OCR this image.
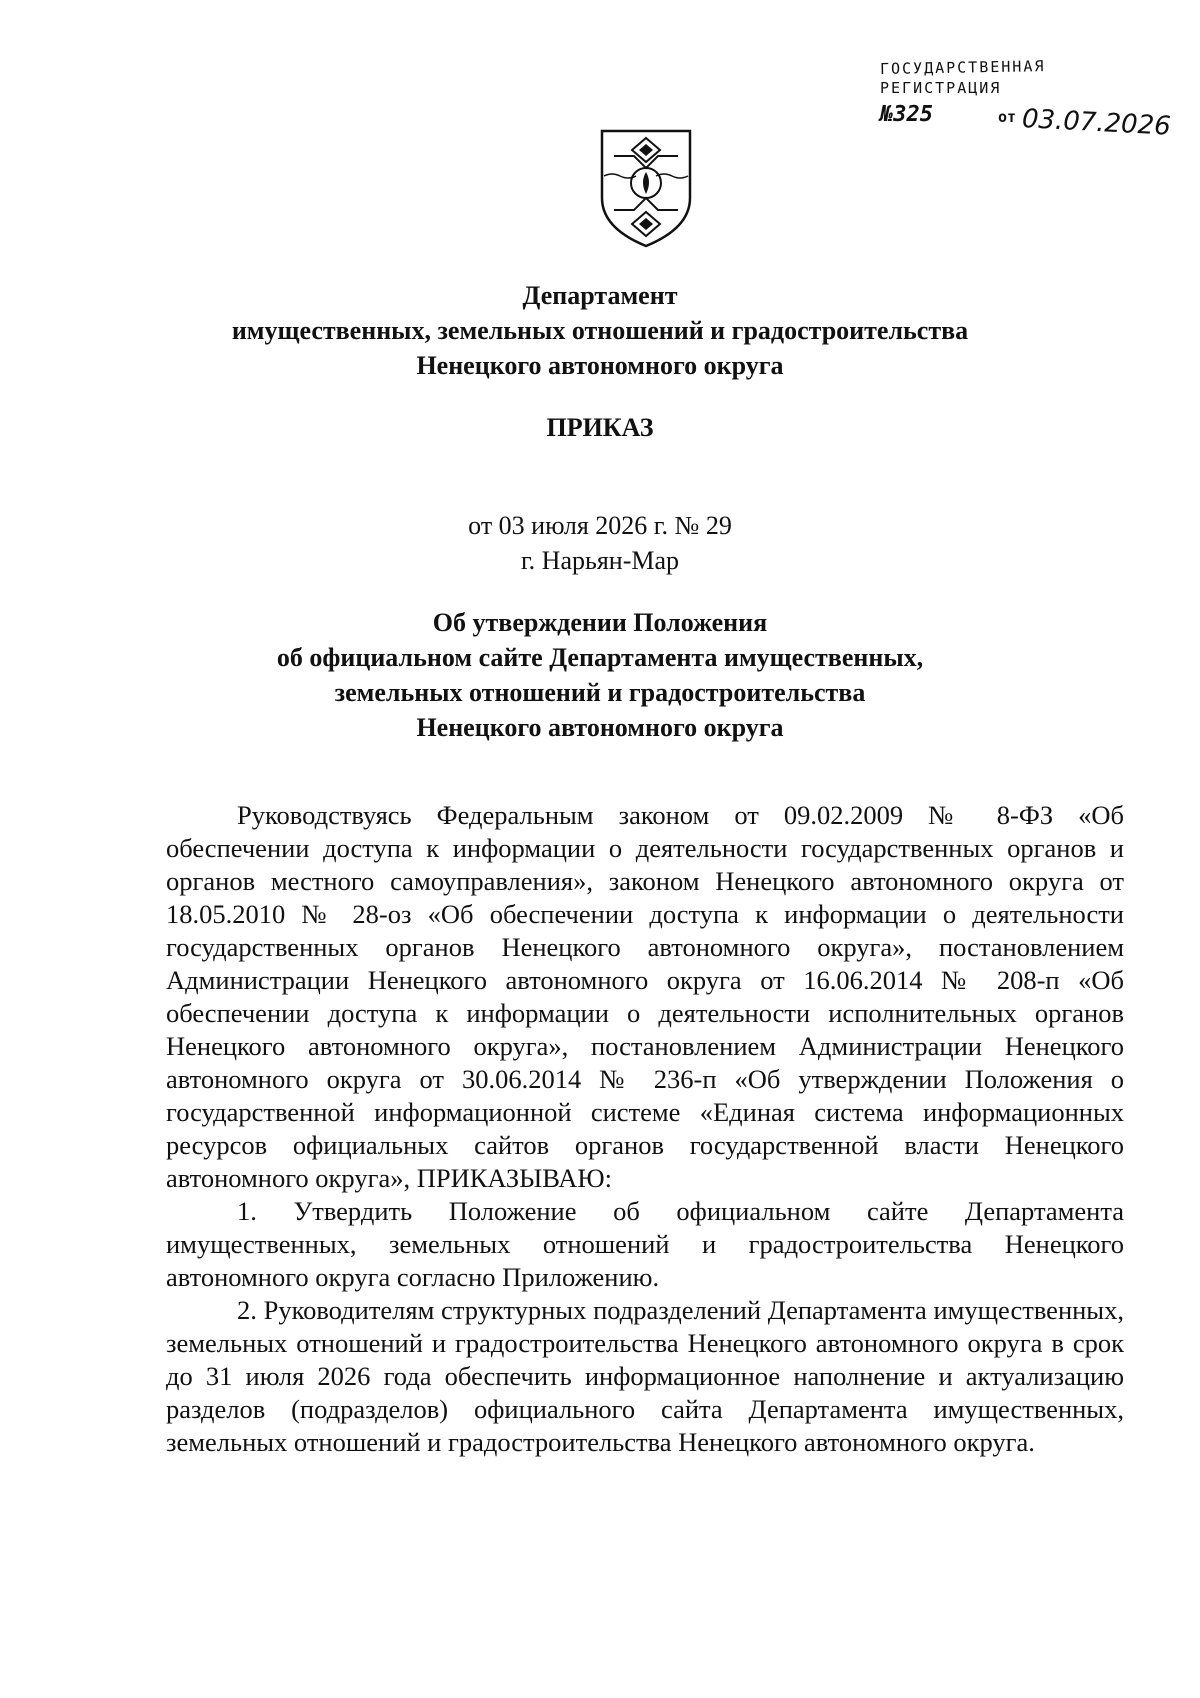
ГОСУДАРСТВЕННАЯ
РЕГИСТРАЦИЯ
№325	от 03.07.2026
Департамент
имущественных, земельных отношений и градостроительства
Ненецкого автономного округа
ПРИКАЗ
от 03 июля 2026 г. № 29
г. Нарьян-Мар
Об утверждении Положения
об официальном сайте Департамента имущественных,
земельных отношений и градостроительства
Ненецкого автономного округа

Руководствуясь Федеральным законом от 09.02.2009 № 8-ФЗ «Об обеспечении доступа к информации о деятельности государственных органов и органов местного самоуправления», законом Ненецкого автономного округа от 18.05.2010 № 28-оз «Об обеспечении доступа к информации о деятельности государственных органов Ненецкого автономного округа», постановлением Администрации Ненецкого автономного округа от 16.06.2014 № 208-п «Об обеспечении доступа к информации о деятельности исполнительных органов Ненецкого автономного округа», постановлением Администрации Ненецкого автономного округа от 30.06.2014 № 236-п «Об утверждении Положения о государственной информационной системе «Единая система информационных ресурсов официальных сайтов органов государственной власти Ненецкого автономного округа», ПРИКАЗЫВАЮ:

1. Утвердить Положение об официальном сайте Департамента имущественных, земельных отношений и градостроительства Ненецкого автономного округа согласно Приложению.

2. Руководителям структурных подразделений Департамента имущественных, земельных отношений и градостроительства Ненецкого автономного округа в срок до 31 июля 2026 года обеспечить информационное наполнение и актуализацию разделов (подразделов) официального сайта Департамента имущественных, земельных отношений и градостроительства Ненецкого автономного округа.
